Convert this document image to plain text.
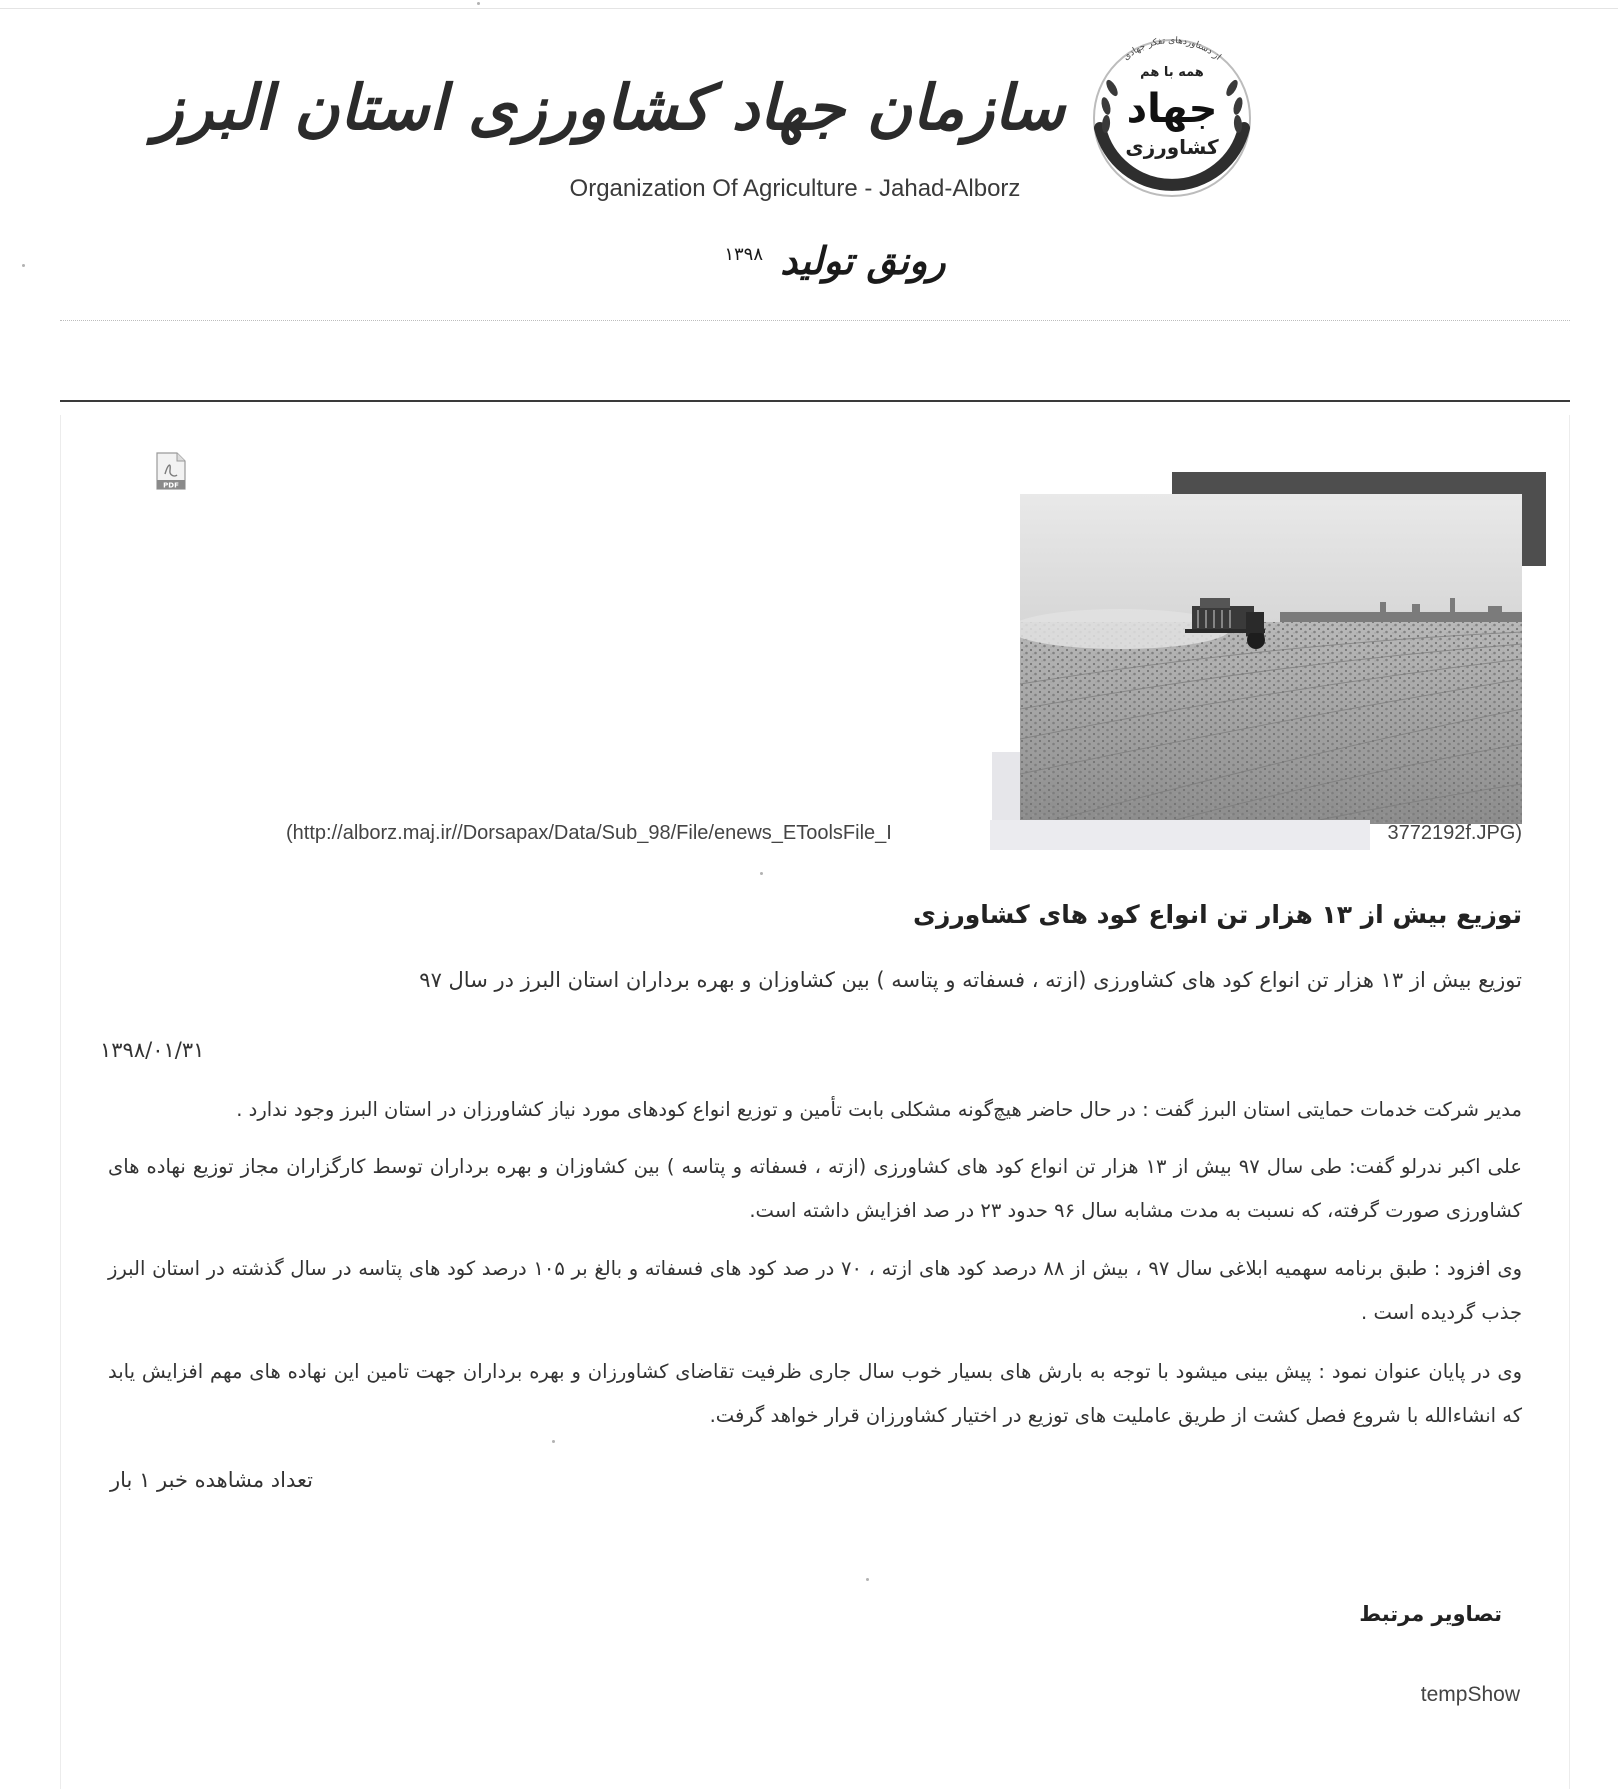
از دستاوردهای تفکر جهادی
همه با هم
جهاد
کشاورزی
سازمان جهاد کشاورزی استان البرز
Organization Of Agriculture - Jahad-Alborz
رونق تولید $^{۱۳۹۸}$
PDF
(http://alborz.maj.ir//Dorsapax/Data/Sub_98/File/enews_EToolsFile_I	3772192f.JPG)
توزیع بیش از ۱۳ هزار تن انواع کود های کشاورزی
توزیع بیش از ۱۳ هزار تن انواع کود های کشاورزی (ازته ، فسفاته و پتاسه ) بین کشاوزان و بهره برداران استان البرز در سال ۹۷
۱۳۹۸/۰۱/۳۱

مدیر شرکت خدمات حمایتی استان البرز گفت : در حال حاضر هیچ‌گونه مشکلی بابت تأمین و توزیع انواع کودهای مورد نیاز کشاورزان در استان البرز وجود ندارد .

علی اکبر ندرلو گفت: طی سال ۹۷ بیش از ۱۳ هزار تن انواع کود های کشاورزی (ازته ، فسفاته و پتاسه ) بین کشاوزان و بهره برداران توسط کارگزاران مجاز توزیع نهاده های کشاورزی صورت گرفته، که نسبت به مدت مشابه سال ۹۶ حدود ۲۳ در صد افزایش داشته است.

وی افزود : طبق برنامه سهمیه ابلاغی سال ۹۷ ، بیش از ۸۸ درصد کود های ازته ، ۷۰ در صد کود های فسفاته و بالغ بر ۱۰۵ درصد کود های پتاسه در سال گذشته در استان البرز جذب گردیده است .

وی در پایان عنوان نمود : پیش بینی میشود با توجه به بارش های بسیار خوب سال جاری ظرفیت تقاضای کشاورزان و بهره برداران جهت تامین این نهاده های مهم افزایش یابد که انشاءالله با شروع فصل کشت از طریق عاملیت های توزیع در اختیار کشاورزان قرار خواهد گرفت.

تعداد مشاهده خبر ۱ بار
تصاویر مرتبط
tempShow
